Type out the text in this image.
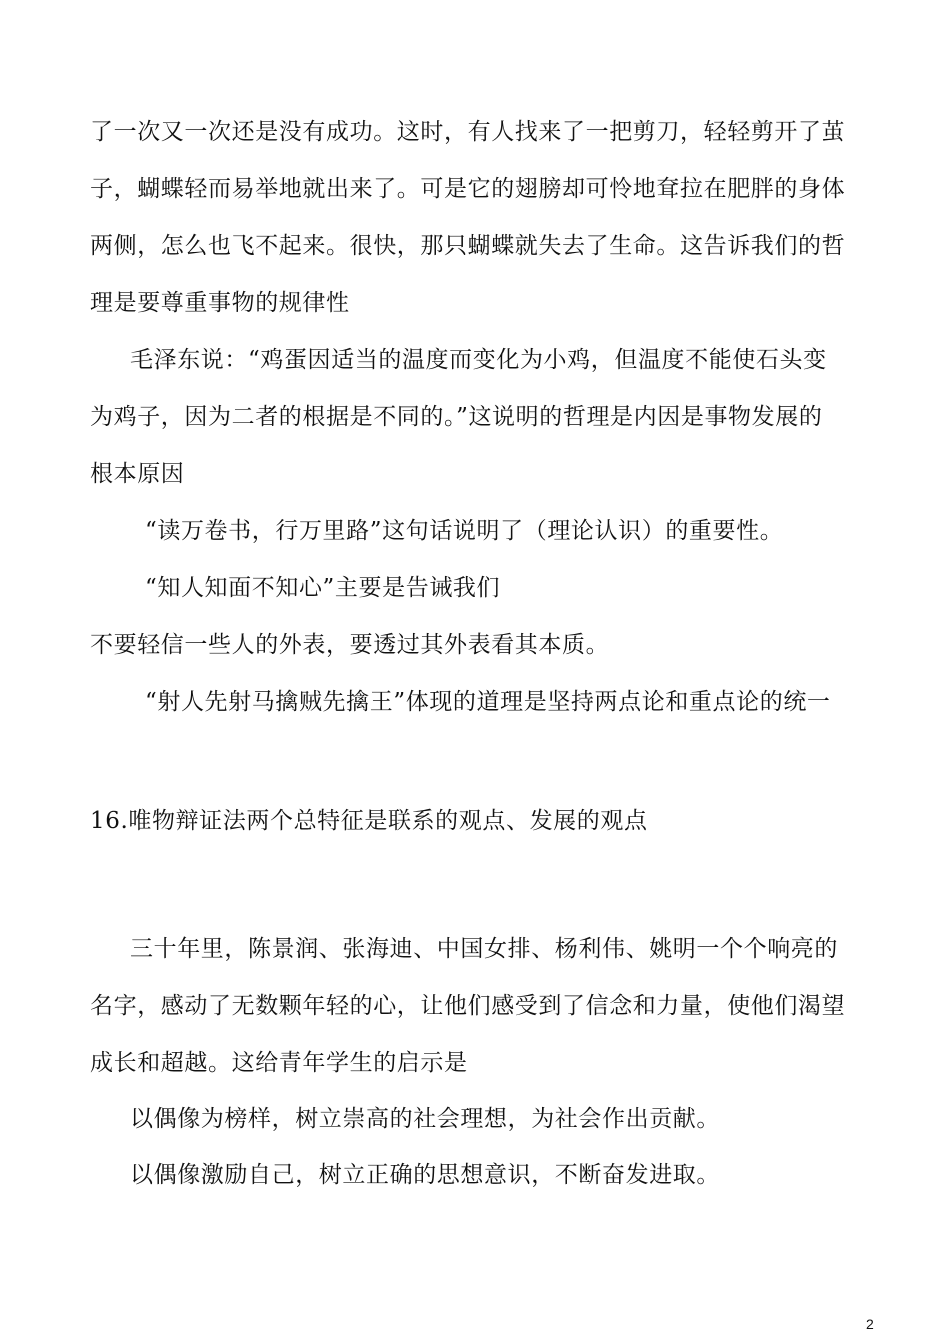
了一次又一次还是没有成功。这时，有人找来了一把剪刀，轻轻剪开了茧
子，蝴蝶轻而易举地就出来了。可是它的翅膀却可怜地耷拉在肥胖的身体
两侧，怎么也飞不起来。很快，那只蝴蝶就失去了生命。这告诉我们的哲
理是要尊重事物的规律性
毛泽东说：“鸡蛋因适当的温度而变化为小鸡，但温度不能使石头变
为鸡子，因为二者的根据是不同的。”这说明的哲理是内因是事物发展的
根本原因
“读万卷书，行万里路”这句话说明了（理论认识）的重要性。
“知人知面不知心”主要是告诫我们
不要轻信一些人的外表，要透过其外表看其本质。
“射人先射马擒贼先擒王”体现的道理是坚持两点论和重点论的统一
16.唯物辩证法两个总特征是联系的观点、发展的观点
三十年里，陈景润、张海迪、中国女排、杨利伟、姚明一个个响亮的
名字，感动了无数颗年轻的心，让他们感受到了信念和力量，使他们渴望
成长和超越。这给青年学生的启示是
以偶像为榜样，树立崇高的社会理想，为社会作出贡献。
以偶像激励自己，树立正确的思想意识，不断奋发进取。
2
